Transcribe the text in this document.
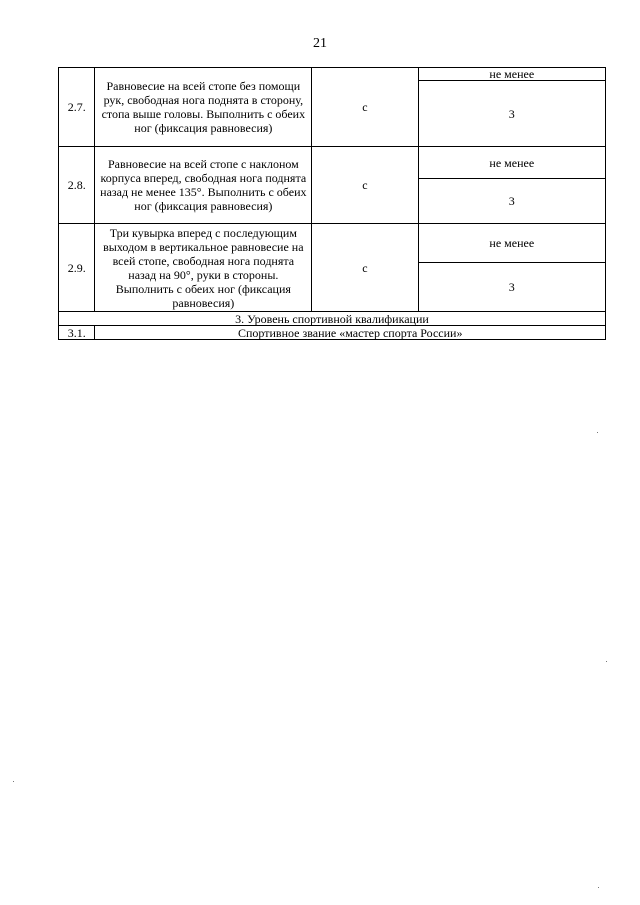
21
2.7.	Равновесие на всей стопе без помощи рук, свободная нога поднята в сторону, стопа выше головы. Выполнить с обеих ног (фиксация равновесия)	с	не менее
			3
2.8.	Равновесие на всей стопе с наклоном корпуса вперед, свободная нога поднята назад не менее 135°. Выполнить с обеих ног (фиксация равновесия)	с	не менее
			3
2.9.	Три кувырка вперед с последующим выходом в вертикальное равновесие на всей стопе, свободная нога поднята назад на 90°, руки в стороны. Выполнить с обеих ног (фиксация равновесия)	с	не менее
			3
3. Уровень спортивной квалификации			
3.1.	Спортивное звание «мастер спорта России»		
